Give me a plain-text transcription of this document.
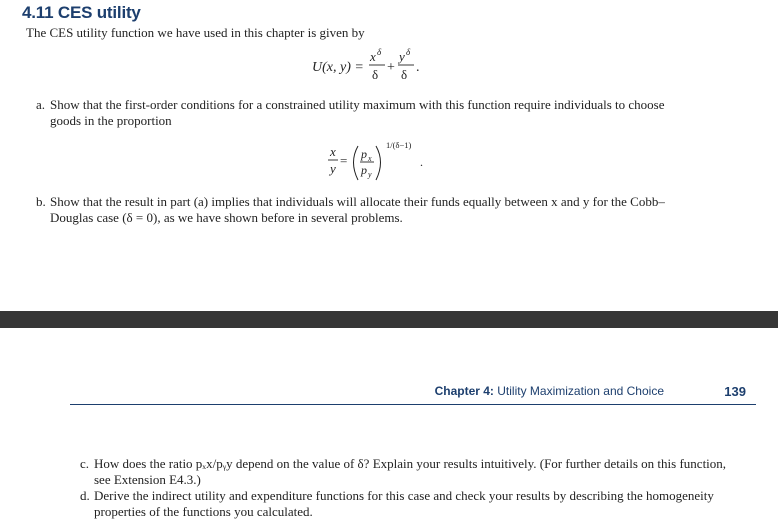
4.11 CES utility
The CES utility function we have used in this chapter is given by
U(x, y) =
x δ
δ +
y δ
δ .
a. Show that the first-order conditions for a constrained utility maximum with this function require individuals to choose
goods in the proportion
x
y
= p x
p y
1/(δ−1)
.
b. Show that the result in part (a) implies that individuals will allocate their funds equally between x and y for the Cobb–
Douglas case (δ = 0), as we have shown before in several problems.
Chapter 4: Utility Maximization and Choice	139
c. How does the ratio pₓx/pᵧy depend on the value of δ? Explain your results intuitively. (For further details on this function,
see Extension E4.3.)
d. Derive the indirect utility and expenditure functions for this case and check your results by describing the homogeneity
properties of the functions you calculated.
